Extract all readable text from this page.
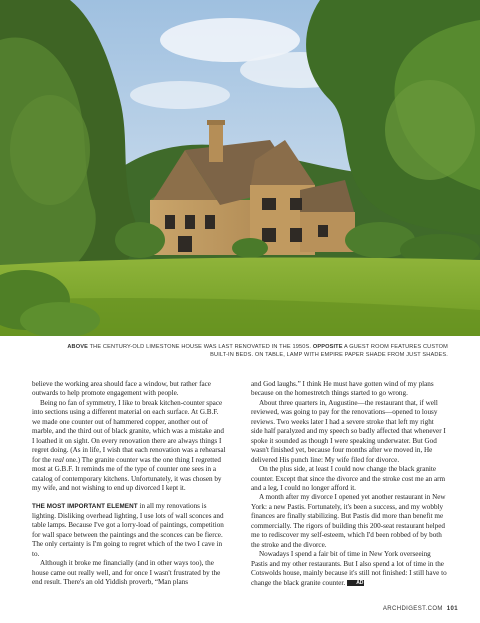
ABOVE THE CENTURY-OLD LIMESTONE HOUSE WAS LAST RENOVATED IN THE 1950S. OPPOSITE A GUEST ROOM FEATURES CUSTOM BUILT-IN BEDS. ON TABLE, LAMP WITH EMPIRE PAPER SHADE FROM JUST SHADES.

believe the working area should face a window, but rather face outwards to help promote engagement with people.

Being no fan of symmetry, I like to break kitchen-counter space into sections using a different material on each surface. At G.B.F. we made one counter out of hammered copper, another out of marble, and the third out of black granite, which was a mistake and I loathed it on sight. On every renovation there are always things I regret doing. (As in life, I wish that each renovation was a rehearsal for the real one.) The granite counter was the one thing I regretted most at G.B.F. It reminds me of the type of counter one sees in a catalog of contemporary kitchens. Unfortunately, it was chosen by my wife, and not wishing to end up divorced I kept it.

THE MOST IMPORTANT ELEMENT in all my renovations is lighting. Disliking overhead lighting, I use lots of wall sconces and table lamps. Because I've got a lorry-load of paintings, competition for wall space between the paintings and the sconces can be fierce. The only certainty is I'm going to regret which of the two I cave in to.

Although it broke me financially (and in other ways too), the house came out really well, and for once I wasn't frustrated by the end result. There's an old Yiddish proverb, “Man plans

and God laughs.” I think He must have gotten wind of my plans because on the homestretch things started to go wrong.

About three quarters in, Augustine—the restaurant that, if well reviewed, was going to pay for the renovations—opened to lousy reviews. Two weeks later I had a severe stroke that left my right side half paralyzed and my speech so badly affected that whenever I spoke it sounded as though I were speaking underwater. But God wasn't finished yet, because four months after we moved in, He delivered His punch line: My wife filed for divorce.

On the plus side, at least I could now change the black granite counter. Except that since the divorce and the stroke cost me an arm and a leg, I could no longer afford it.

A month after my divorce I opened yet another restaurant in New York: a new Pastis. Fortunately, it's been a success, and my wobbly finances are finally stabilizing. But Pastis did more than benefit me commercially. The rigors of building this 200-seat restaurant helped me to rediscover my self-esteem, which I'd been robbed of by both the stroke and the divorce.

Nowadays I spend a fair bit of time in New York overseeing Pastis and my other restaurants. But I also spend a lot of time in the Cotswolds house, mainly because it's still not finished: I still have to change the black granite counter. AD

ARCHDIGEST.COM 101
